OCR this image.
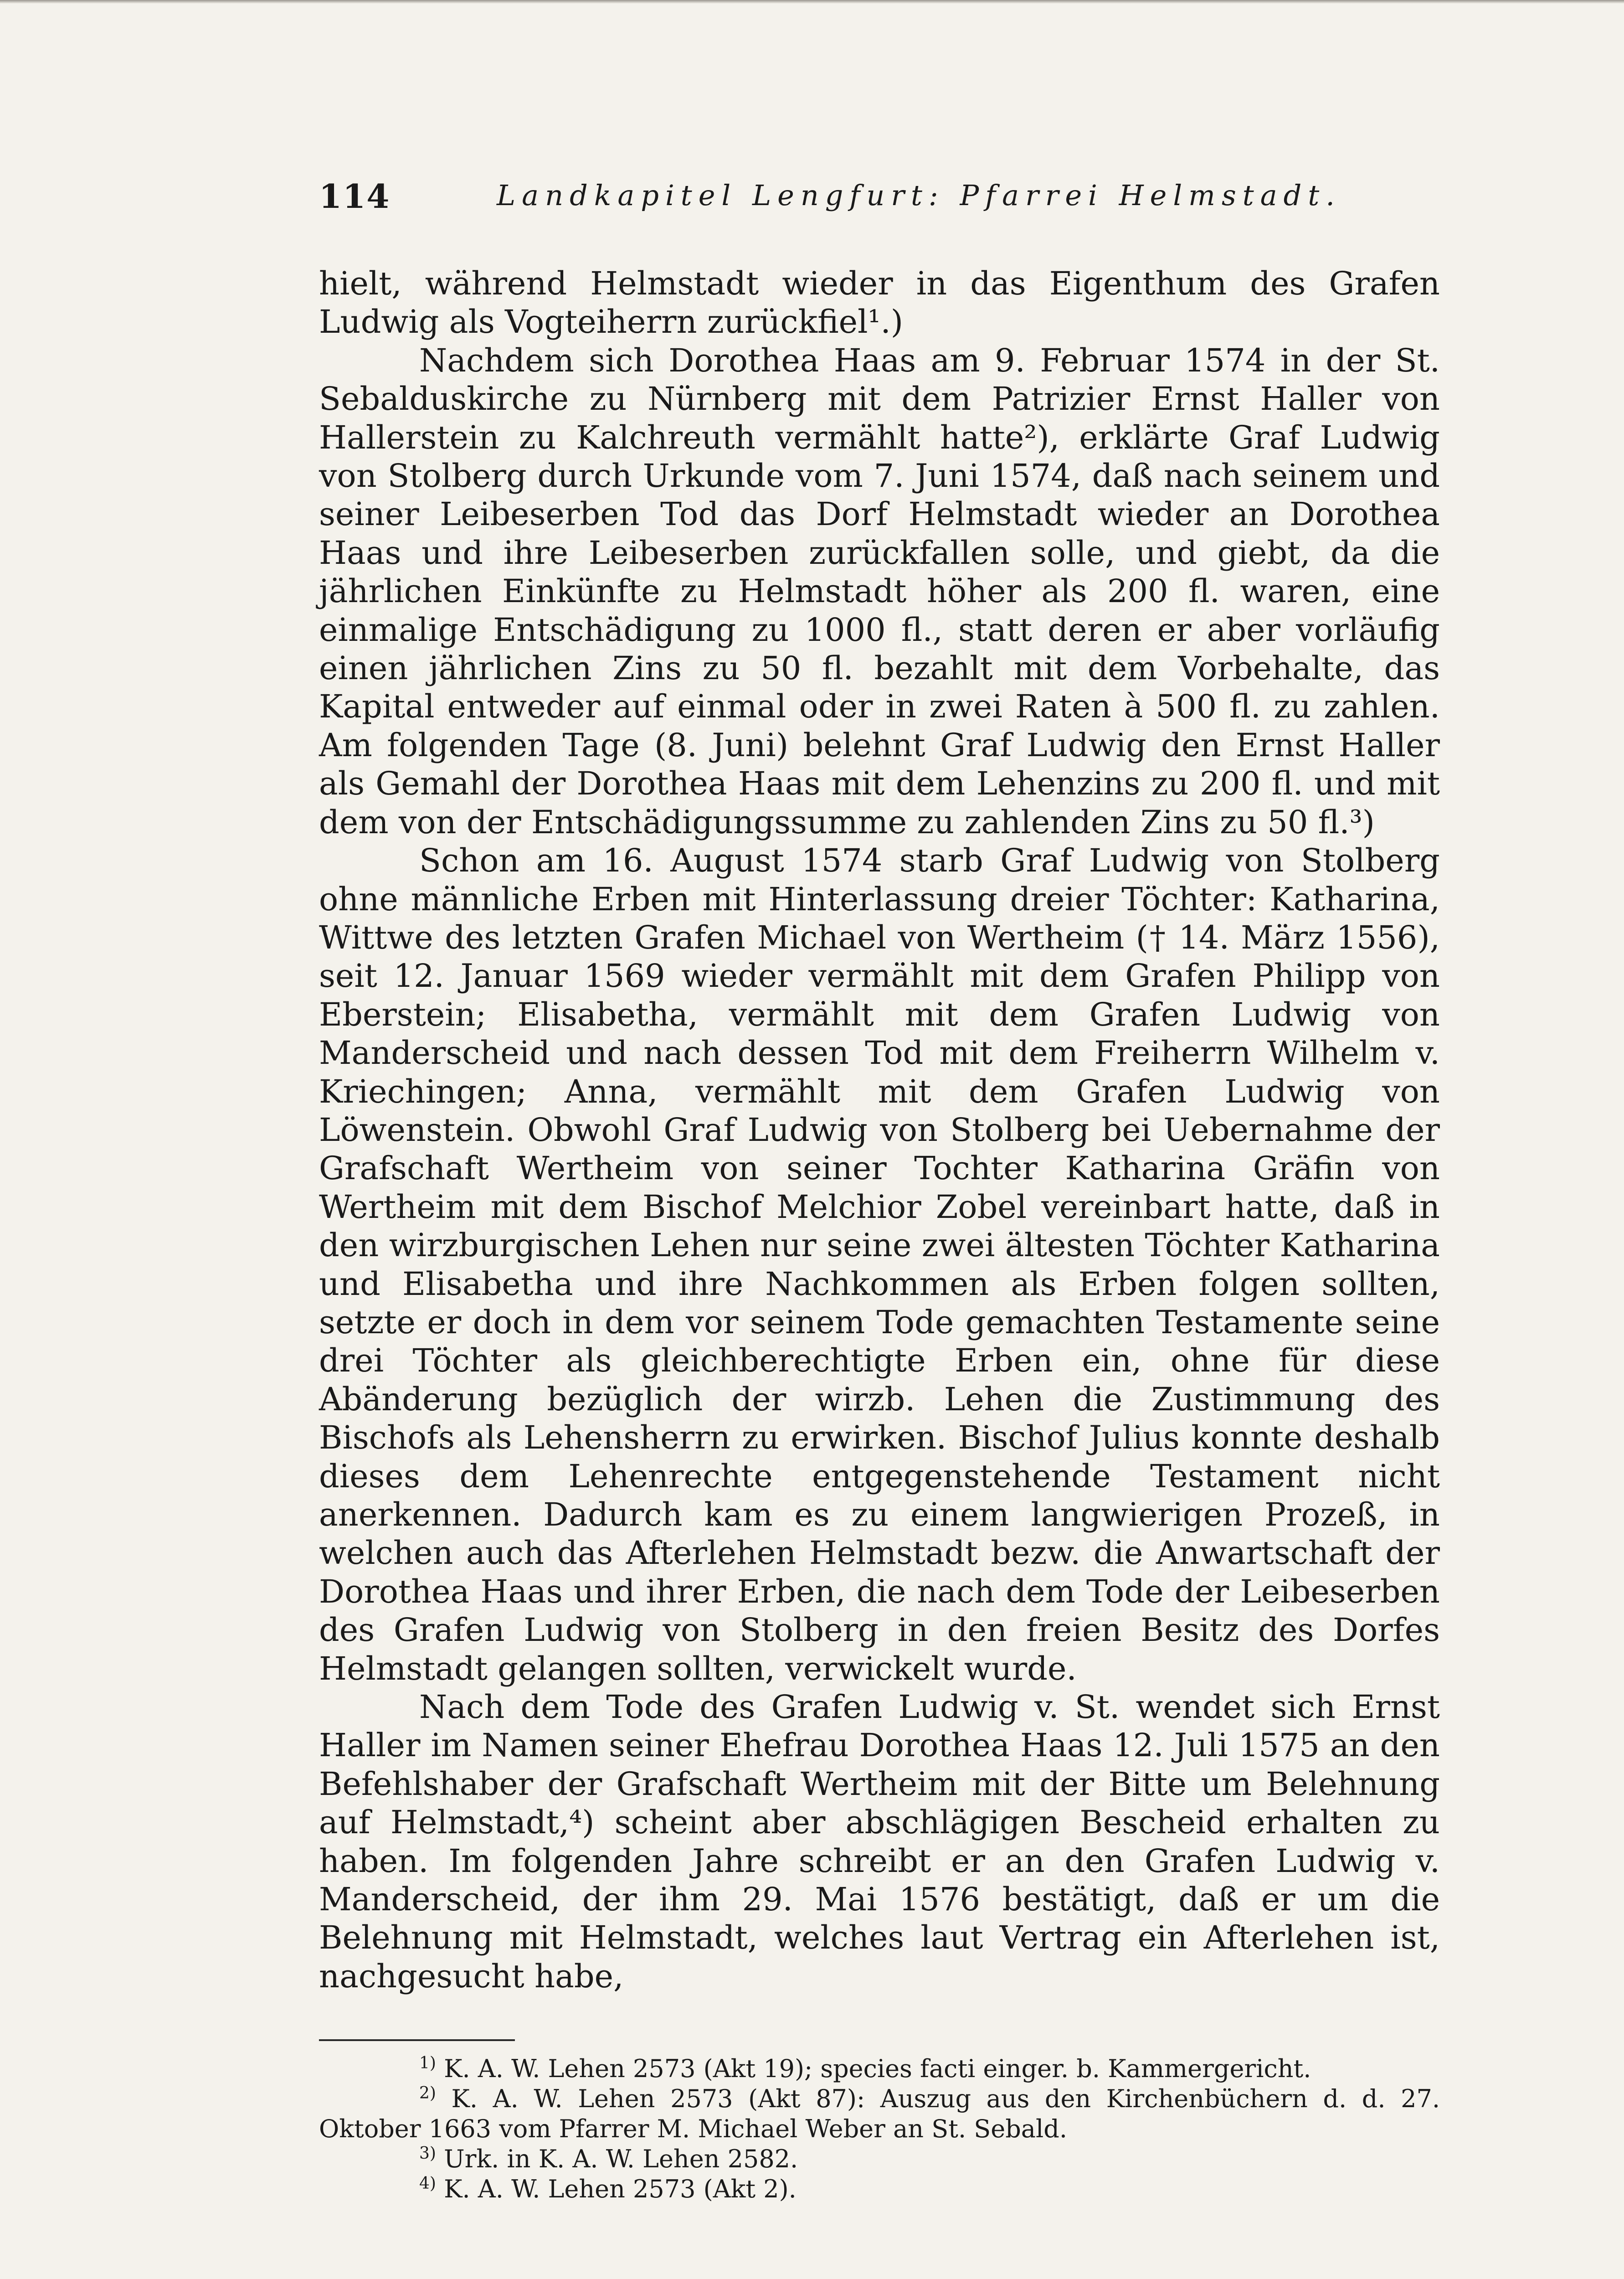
114	Landkapitel Lengfurt: Pfarrei Helmstadt.

hielt, während Helmstadt wieder in das Eigenthum des Grafen Ludwig als Vogteiherrn zurückfiel¹.)

Nachdem sich Dorothea Haas am 9. Februar 1574 in der St. Sebalduskirche zu Nürnberg mit dem Patrizier Ernst Haller von Hallerstein zu Kalchreuth vermählt hatte²), erklärte Graf Ludwig von Stolberg durch Urkunde vom 7. Juni 1574, daß nach seinem und seiner Leibeserben Tod das Dorf Helmstadt wieder an Dorothea Haas und ihre Leibeserben zurückfallen solle, und giebt, da die jährlichen Einkünfte zu Helmstadt höher als 200 fl. waren, eine einmalige Entschädigung zu 1000 fl., statt deren er aber vorläufig einen jährlichen Zins zu 50 fl. bezahlt mit dem Vorbehalte, das Kapital entweder auf einmal oder in zwei Raten à 500 fl. zu zahlen. Am folgenden Tage (8. Juni) belehnt Graf Ludwig den Ernst Haller als Gemahl der Dorothea Haas mit dem Lehenzins zu 200 fl. und mit dem von der Entschädigungssumme zu zahlenden Zins zu 50 fl.³)

Schon am 16. August 1574 starb Graf Ludwig von Stolberg ohne männliche Erben mit Hinterlassung dreier Töchter: Katharina, Wittwe des letzten Grafen Michael von Wertheim († 14. März 1556), seit 12. Januar 1569 wieder vermählt mit dem Grafen Philipp von Eberstein; Elisabetha, vermählt mit dem Grafen Ludwig von Manderscheid und nach dessen Tod mit dem Freiherrn Wilhelm v. Kriechingen; Anna, vermählt mit dem Grafen Ludwig von Löwenstein. Obwohl Graf Ludwig von Stolberg bei Uebernahme der Grafschaft Wertheim von seiner Tochter Katharina Gräfin von Wertheim mit dem Bischof Melchior Zobel vereinbart hatte, daß in den wirzburgischen Lehen nur seine zwei ältesten Töchter Katharina und Elisabetha und ihre Nachkommen als Erben folgen sollten, setzte er doch in dem vor seinem Tode gemachten Testamente seine drei Töchter als gleichberechtigte Erben ein, ohne für diese Abänderung bezüglich der wirzb. Lehen die Zustimmung des Bischofs als Lehensherrn zu erwirken. Bischof Julius konnte deshalb dieses dem Lehenrechte entgegenstehende Testament nicht anerkennen. Dadurch kam es zu einem langwierigen Prozeß, in welchen auch das Afterlehen Helmstadt bezw. die Anwartschaft der Dorothea Haas und ihrer Erben, die nach dem Tode der Leibeserben des Grafen Ludwig von Stolberg in den freien Besitz des Dorfes Helmstadt gelangen sollten, verwickelt wurde.

Nach dem Tode des Grafen Ludwig v. St. wendet sich Ernst Haller im Namen seiner Ehefrau Dorothea Haas 12. Juli 1575 an den Befehlshaber der Grafschaft Wertheim mit der Bitte um Belehnung auf Helmstadt,⁴) scheint aber abschlägigen Bescheid erhalten zu haben. Im folgenden Jahre schreibt er an den Grafen Ludwig v. Manderscheid, der ihm 29. Mai 1576 bestätigt, daß er um die Belehnung mit Helmstadt, welches laut Vertrag ein Afterlehen ist, nachgesucht habe,

$^{1)}$ K. A. W. Lehen 2573 (Akt 19); species facti einger. b. Kammergericht.

$^{2)}$ K. A. W. Lehen 2573 (Akt 87): Auszug aus den Kirchenbüchern d. d. 27. Oktober 1663 vom Pfarrer M. Michael Weber an St. Sebald.

$^{3)}$ Urk. in K. A. W. Lehen 2582.

$^{4)}$ K. A. W. Lehen 2573 (Akt 2).
